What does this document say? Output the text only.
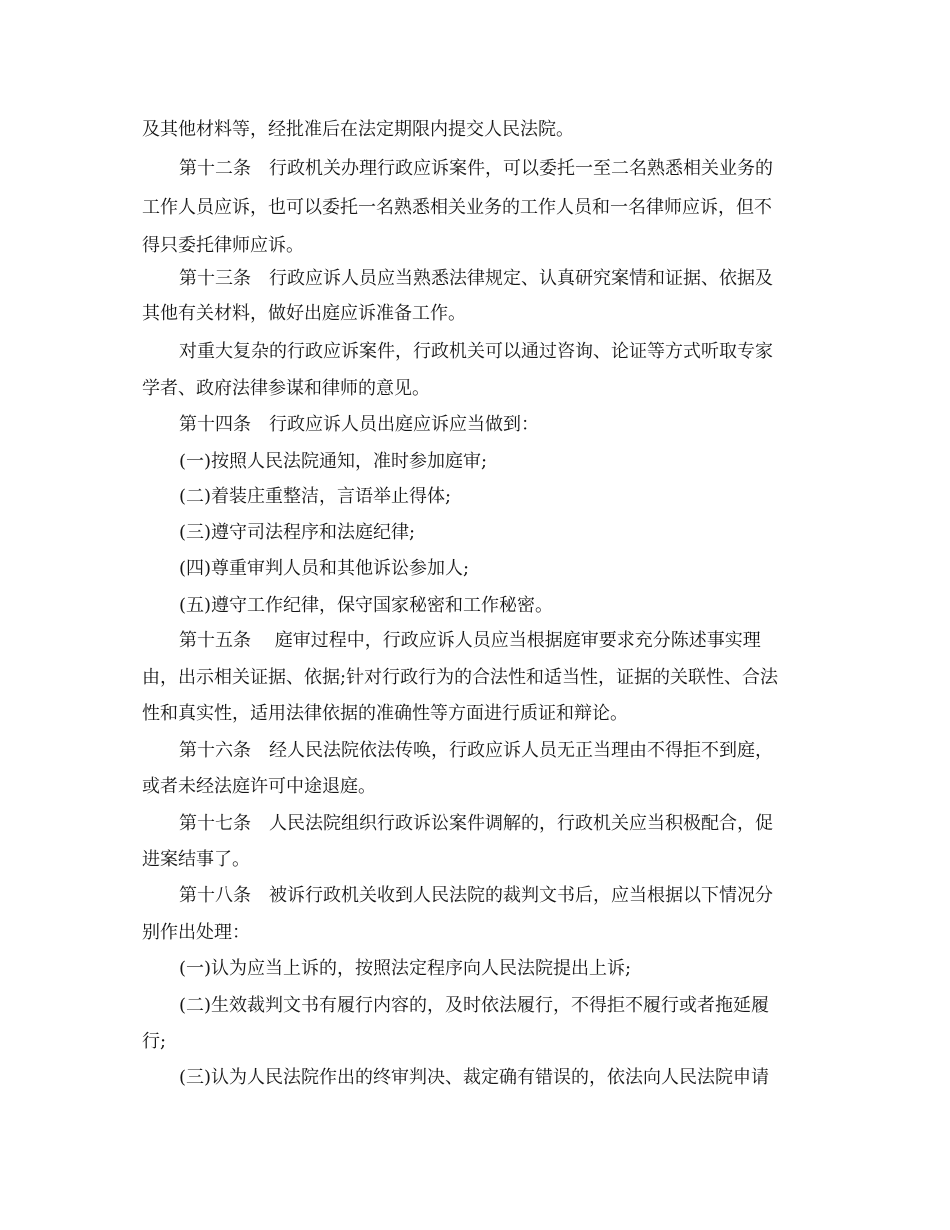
及其他材料等，经批准后在法定期限内提交人民法院。

第十二条　行政机关办理行政应诉案件，可以委托一至二名熟悉相关业务的

工作人员应诉，也可以委托一名熟悉相关业务的工作人员和一名律师应诉，但不

得只委托律师应诉。

第十三条　行政应诉人员应当熟悉法律规定、认真研究案情和证据、依据及

其他有关材料，做好出庭应诉准备工作。

对重大复杂的行政应诉案件，行政机关可以通过咨询、论证等方式听取专家

学者、政府法律参谋和律师的意见。

第十四条　行政应诉人员出庭应诉应当做到：

(一)按照人民法院通知，准时参加庭审;

(二)着装庄重整洁，言语举止得体;

(三)遵守司法程序和法庭纪律;

(四)尊重审判人员和其他诉讼参加人;

(五)遵守工作纪律，保守国家秘密和工作秘密。

第十五条　 庭审过程中，行政应诉人员应当根据庭审要求充分陈述事实理

由，出示相关证据、依据;针对行政行为的合法性和适当性，证据的关联性、合法

性和真实性，适用法律依据的准确性等方面进行质证和辩论。

第十六条　经人民法院依法传唤，行政应诉人员无正当理由不得拒不到庭，

或者未经法庭许可中途退庭。

第十七条　人民法院组织行政诉讼案件调解的，行政机关应当积极配合，促

进案结事了。

第十八条　被诉行政机关收到人民法院的裁判文书后，应当根据以下情况分

别作出处理：

(一)认为应当上诉的，按照法定程序向人民法院提出上诉;

(二)生效裁判文书有履行内容的，及时依法履行，不得拒不履行或者拖延履

行;

(三)认为人民法院作出的终审判决、裁定确有错误的，依法向人民法院申请
